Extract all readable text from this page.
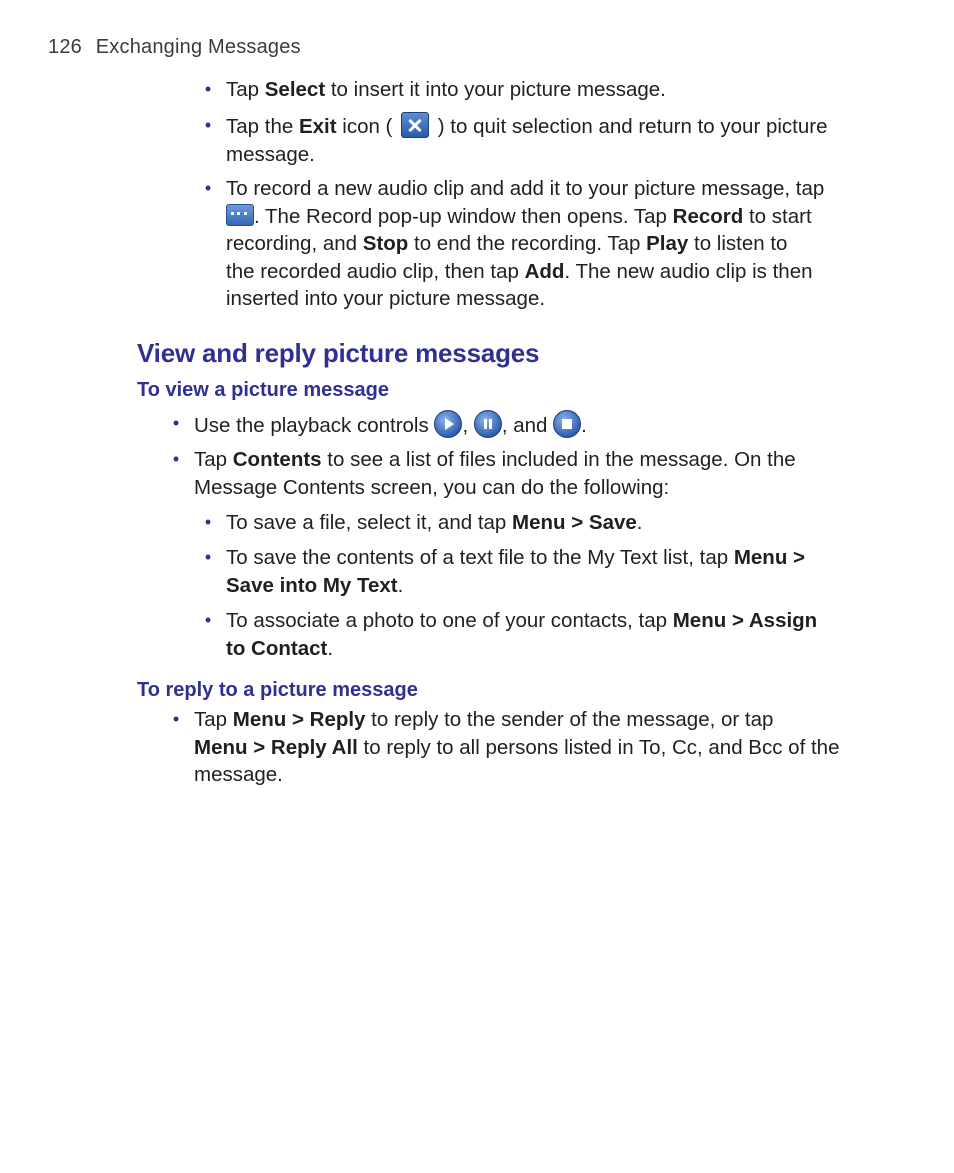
126 Exchanging Messages
• Tap Select to insert it into your picture message.
• Tap the Exit icon (  ) to quit selection and return to your picture
message.
• To record a new audio clip and add it to your picture message, tap

. The Record pop-up window then opens. Tap Record to start
recording, and Stop to end the recording. Tap Play to listen to
the recorded audio clip, then tap Add. The new audio clip is then
inserted into your picture message.
View and reply picture messages
To view a picture message
• Use the playback controls , , and .
• Tap Contents to see a list of files included in the message. On the
Message Contents screen, you can do the following:
• To save a file, select it, and tap Menu > Save.
• To save the contents of a text file to the My Text list, tap Menu >
Save into My Text.
• To associate a photo to one of your contacts, tap Menu > Assign
to Contact.
To reply to a picture message
• Tap Menu > Reply to reply to the sender of the message, or tap
Menu > Reply All to reply to all persons listed in To, Cc, and Bcc of the
message.
